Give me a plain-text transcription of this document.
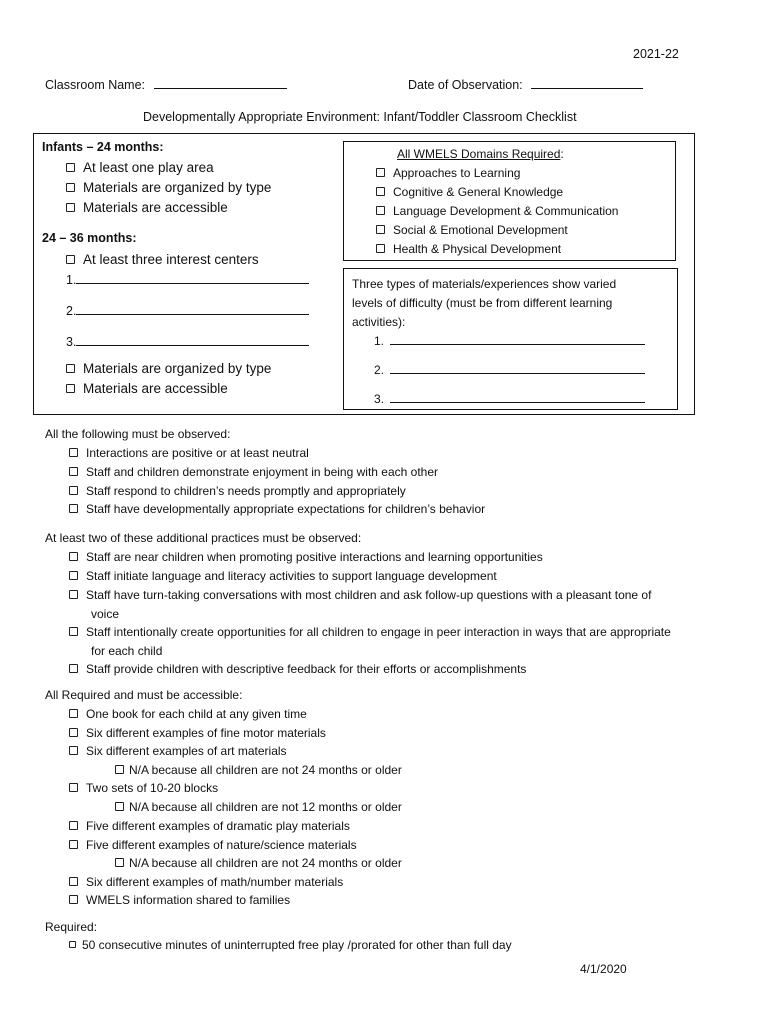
2021-22
Classroom Name:	Date of Observation:
Developmentally Appropriate Environment: Infant/Toddler Classroom Checklist
Infants – 24 months:
At least one play area
Materials are organized by type
Materials are accessible
24 – 36 months:
At least three interest centers
1.
2.
3.
Materials are organized by type
Materials are accessible
All WMELS Domains Required:
Approaches to Learning
Cognitive & General Knowledge
Language Development & Communication
Social & Emotional Development
Health & Physical Development
Three types of materials/experiences show varied
levels of difficulty (must be from different learning
activities):
1.
2.
3.
All the following must be observed:
Interactions are positive or at least neutral
Staff and children demonstrate enjoyment in being with each other
Staff respond to children’s needs promptly and appropriately
Staff have developmentally appropriate expectations for children’s behavior
At least two of these additional practices must be observed:
Staff are near children when promoting positive interactions and learning opportunities
Staff initiate language and literacy activities to support language development
Staff have turn-taking conversations with most children and ask follow-up questions with a pleasant tone of
voice
Staff intentionally create opportunities for all children to engage in peer interaction in ways that are appropriate
for each child
Staff provide children with descriptive feedback for their efforts or accomplishments
All Required and must be accessible:
One book for each child at any given time
Six different examples of fine motor materials
Six different examples of art materials
N/A because all children are not 24 months or older
Two sets of 10-20 blocks
N/A because all children are not 12 months or older
Five different examples of dramatic play materials
Five different examples of nature/science materials
N/A because all children are not 24 months or older
Six different examples of math/number materials
WMELS information shared to families
Required:
50 consecutive minutes of uninterrupted free play /prorated for other than full day
4/1/2020
